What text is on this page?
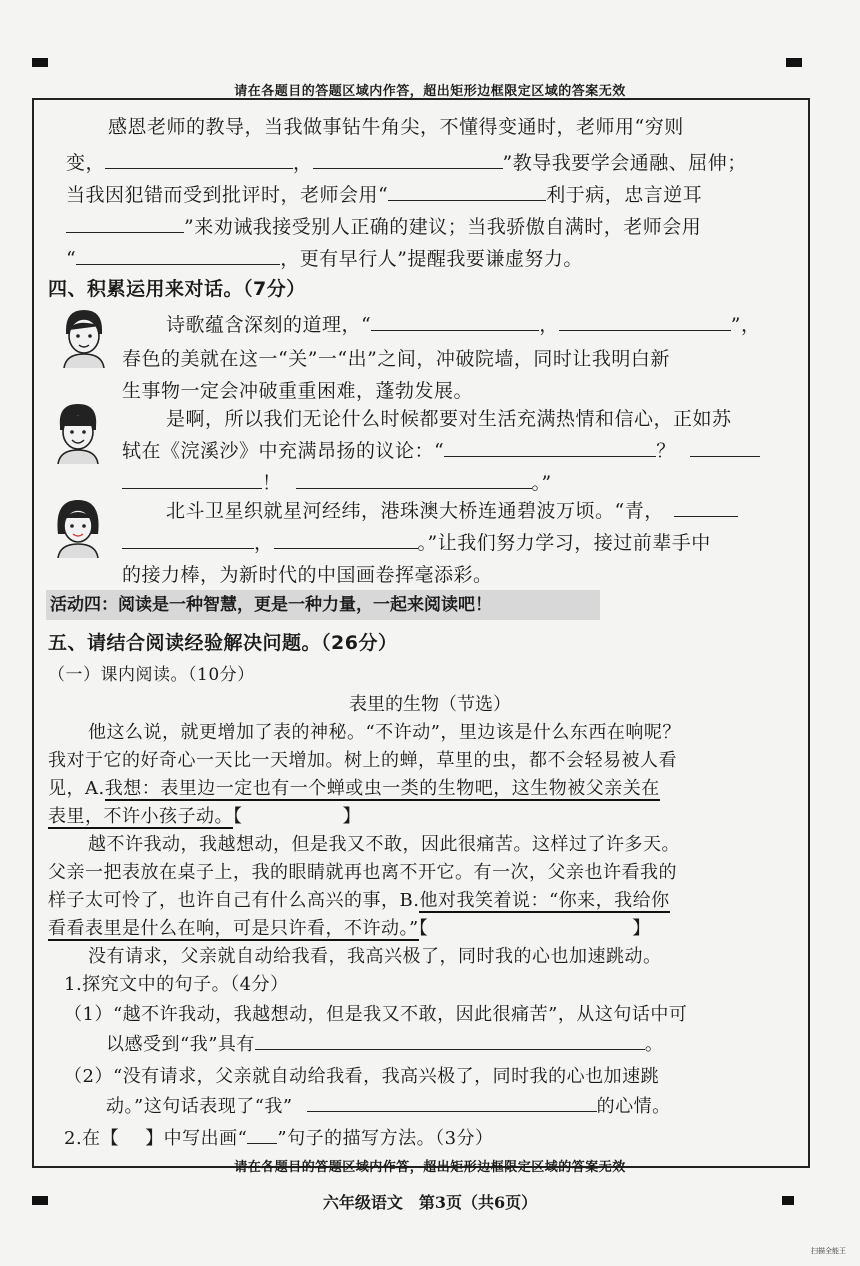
请在各题目的答题区域内作答，超出矩形边框限定区域的答案无效
感恩老师的教导，当我做事钻牛角尖，不懂得变通时，老师用“穷则
变，	，	”教导我要学会通融、屈伸；
当我因犯错而受到批评时，老师会用“	利于病，忠言逆耳
”来劝诫我接受别人正确的建议；当我骄傲自满时，老师会用
“	，更有早行人”提醒我要谦虚努力。
四、积累运用来对话。（7分）
诗歌蕴含深刻的道理，“	，	”，
春色的美就在这一“关”一“出”之间，冲破院墙，同时让我明白新
生事物一定会冲破重重困难，蓬勃发展。
是啊，所以我们无论什么时候都要对生活充满热情和信心，正如苏
轼在《浣溪沙》中充满昂扬的议论：“	？
！	。”
北斗卫星织就星河经纬，港珠澳大桥连通碧波万顷。“青，
，	。”让我们努力学习，接过前辈手中
的接力棒，为新时代的中国画卷挥毫添彩。
活动四：阅读是一种智慧，更是一种力量，一起来阅读吧！
五、请结合阅读经验解决问题。（26分）
（一）课内阅读。（10分）
表里的生物（节选）
他这么说，就更增加了表的神秘。“不许动”，里边该是什么东西在响呢？
我对于它的好奇心一天比一天增加。树上的蝉，草里的虫，都不会轻易被人看
见，A.我想：表里边一定也有一个蝉或虫一类的生物吧，这生物被父亲关在
表里，不许小孩子动。【	】
越不许我动，我越想动，但是我又不敢，因此很痛苦。这样过了许多天。
父亲一把表放在桌子上，我的眼睛就再也离不开它。有一次，父亲也许看我的
样子太可怜了，也许自己有什么高兴的事，B.他对我笑着说：“你来，我给你
看看表里是什么在响，可是只许看，不许动。”【	】
没有请求，父亲就自动给我看，我高兴极了，同时我的心也加速跳动。
1.探究文中的句子。（4分）
（1）“越不许我动，我越想动，但是我又不敢，因此很痛苦”，从这句话中可
以感受到“我”具有	。
（2）“没有请求，父亲就自动给我看，我高兴极了，同时我的心也加速跳
动。”这句话表现了“我”	的心情。
2.在【 】中写出画“ ”句子的描写方法。（3分）
请在各题目的答题区域内作答，超出矩形边框限定区域的答案无效
六年级语文　第3页（共6页）
扫描全能王
